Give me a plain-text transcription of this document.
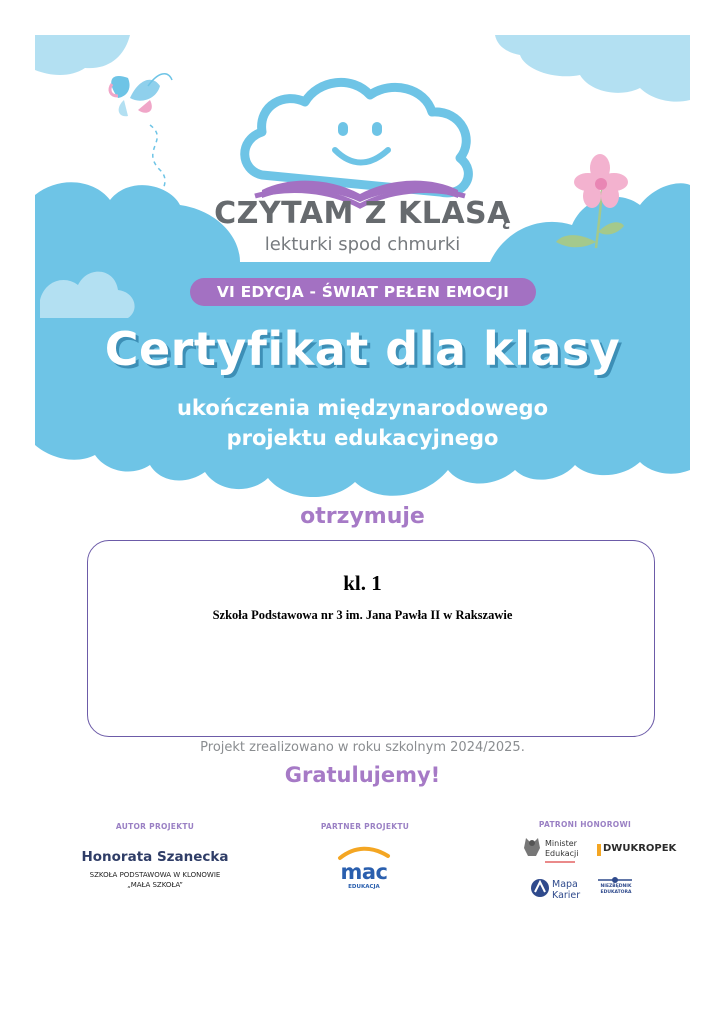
CZYTAM Z KLASĄ
lekturki spod chmurki
VI EDYCJA - ŚWIAT PEŁEN EMOCJI
Certyfikat dla klasy
ukończenia międzynarodowego
projektu edukacyjnego
otrzymuje
kl. 1
Szkoła Podstawowa nr 3 im. Jana Pawła II w Rakszawie
Projekt zrealizowano w roku szkolnym 2024/2025.
Gratulujemy!
AUTOR PROJEKTU
Honorata Szanecka
SZKOŁA PODSTAWOWA W KLONOWIE
„MAŁA SZKOŁA”
PARTNER PROJEKTU
mac
EDUKACJA
PATRONI HONOROWI
Minister
Edukacji DWUKROPEK
Mapa
Karier
NIEZBĘDNIK
EDUKATORA
